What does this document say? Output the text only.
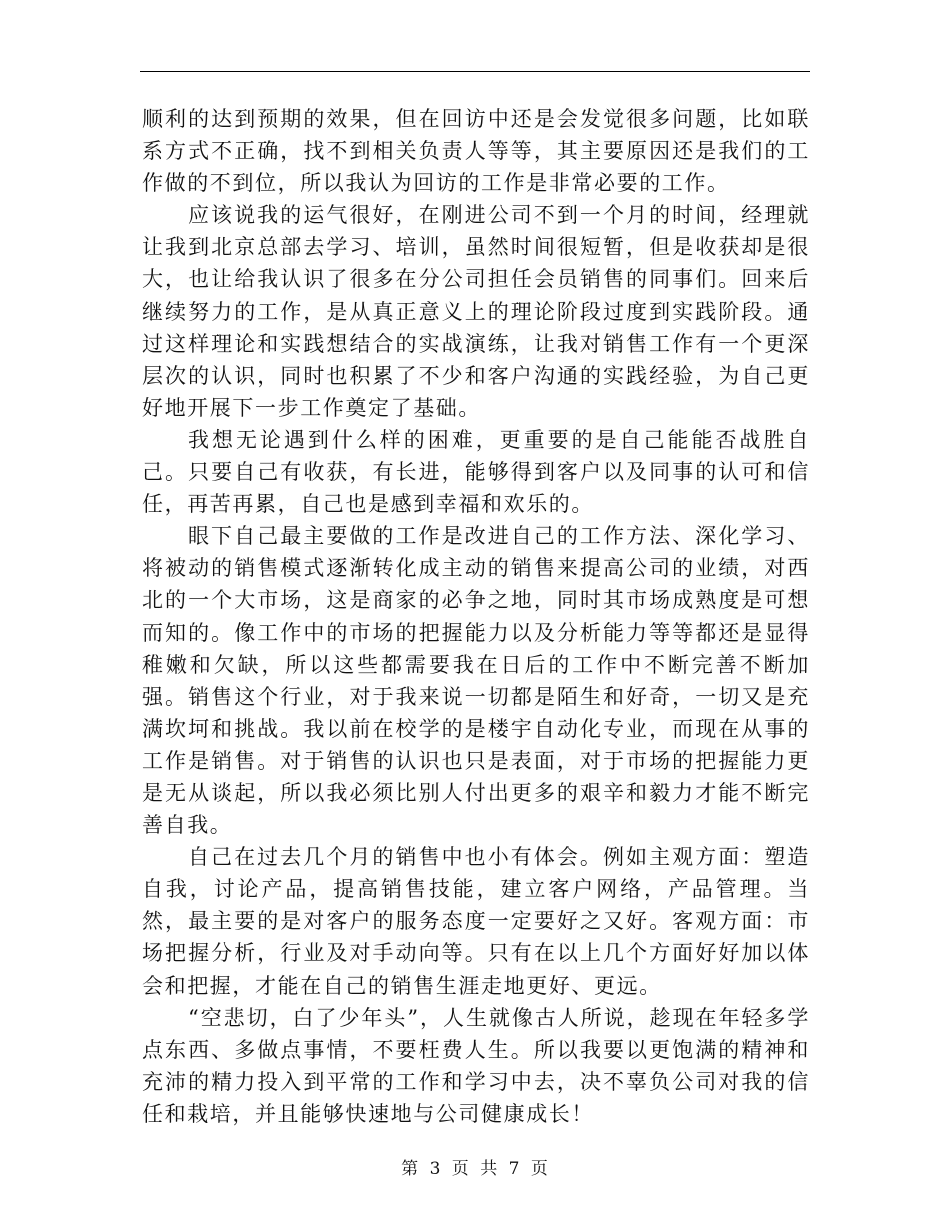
顺利的达到预期的效果，但在回访中还是会发觉很多问题，比如联系方式不正确，找不到相关负责人等等，其主要原因还是我们的工作做的不到位，所以我认为回访的工作是非常必要的工作。

应该说我的运气很好，在刚进公司不到一个月的时间，经理就让我到北京总部去学习、培训，虽然时间很短暂，但是收获却是很大，也让给我认识了很多在分公司担任会员销售的同事们。回来后继续努力的工作，是从真正意义上的理论阶段过度到实践阶段。通过这样理论和实践想结合的实战演练，让我对销售工作有一个更深层次的认识，同时也积累了不少和客户沟通的实践经验，为自己更好地开展下一步工作奠定了基础。

我想无论遇到什么样的困难，更重要的是自己能能否战胜自己。只要自己有收获，有长进，能够得到客户以及同事的认可和信任，再苦再累，自己也是感到幸福和欢乐的。

眼下自己最主要做的工作是改进自己的工作方法、深化学习、将被动的销售模式逐渐转化成主动的销售来提高公司的业绩，对西北的一个大市场，这是商家的必争之地，同时其市场成熟度是可想而知的。像工作中的市场的把握能力以及分析能力等等都还是显得稚嫩和欠缺，所以这些都需要我在日后的工作中不断完善不断加强。销售这个行业，对于我来说一切都是陌生和好奇，一切又是充满坎坷和挑战。我以前在校学的是楼宇自动化专业，而现在从事的工作是销售。对于销售的认识也只是表面，对于市场的把握能力更是无从谈起，所以我必须比别人付出更多的艰辛和毅力才能不断完善自我。

自己在过去几个月的销售中也小有体会。例如主观方面：塑造自我，讨论产品，提高销售技能，建立客户网络，产品管理。当然，最主要的是对客户的服务态度一定要好之又好。客观方面：市场把握分析，行业及对手动向等。只有在以上几个方面好好加以体会和把握，才能在自己的销售生涯走地更好、更远。

“空悲切，白了少年头”，人生就像古人所说，趁现在年轻多学点东西、多做点事情，不要枉费人生。所以我要以更饱满的精神和充沛的精力投入到平常的工作和学习中去，决不辜负公司对我的信任和栽培，并且能够快速地与公司健康成长！

第 3 页 共 7 页
